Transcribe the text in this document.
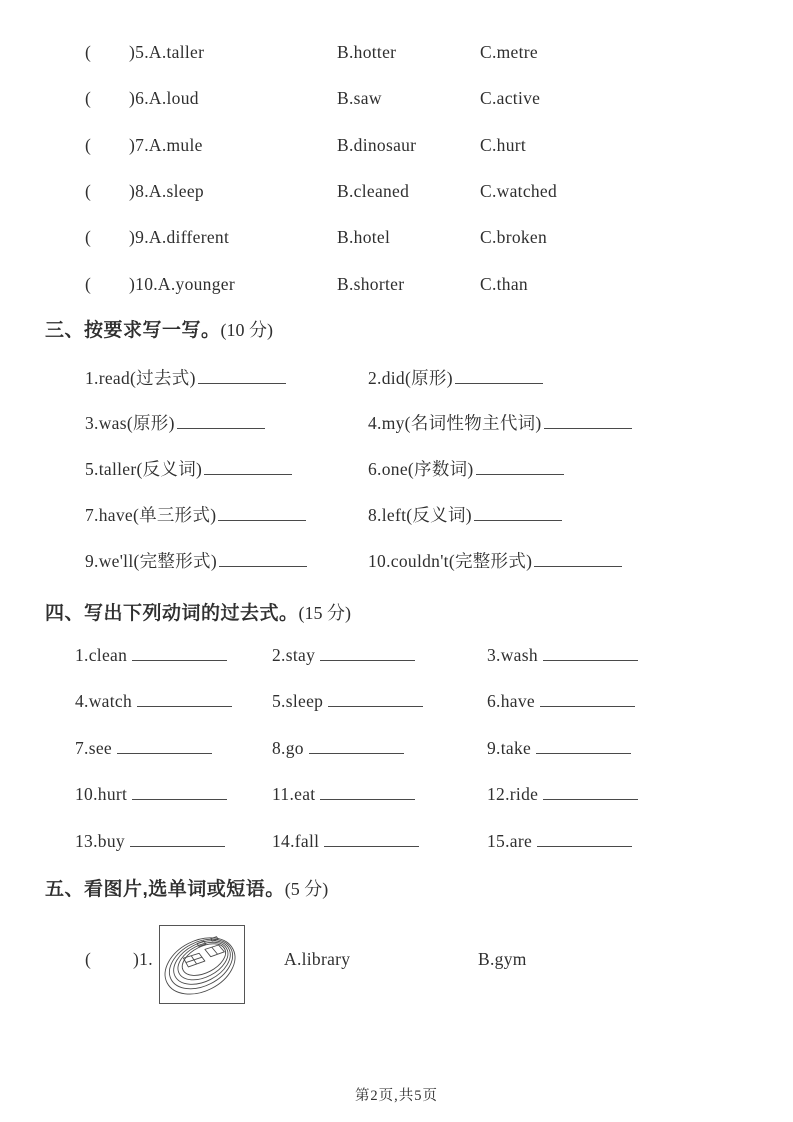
( )5.A.taller	B.hotter	C.metre
( )6.A.loud	B.saw	C.active
( )7.A.mule	B.dinosaur	C.hurt
( )8.A.sleep	B.cleaned	C.watched
( )9.A.different	B.hotel	C.broken
( )10.A.younger	B.shorter	C.than
三、按要求写一写。(10 分)
1.read(过去式)	2.did(原形)
3.was(原形)	4.my(名词性物主代词)
5.taller(反义词)	6.one(序数词)
7.have(单三形式)	8.left(反义词)
9.we'll(完整形式)	10.couldn't(完整形式)
四、写出下列动词的过去式。(15 分)
1.clean	2.stay	3.wash
4.watch	5.sleep	6.have
7.see	8.go	9.take
10.hurt	11.eat	12.ride
13.buy	14.fall	15.are
五、看图片,选单词或短语。(5 分)
( )1.	A.library	B.gym
第2页,共5页
